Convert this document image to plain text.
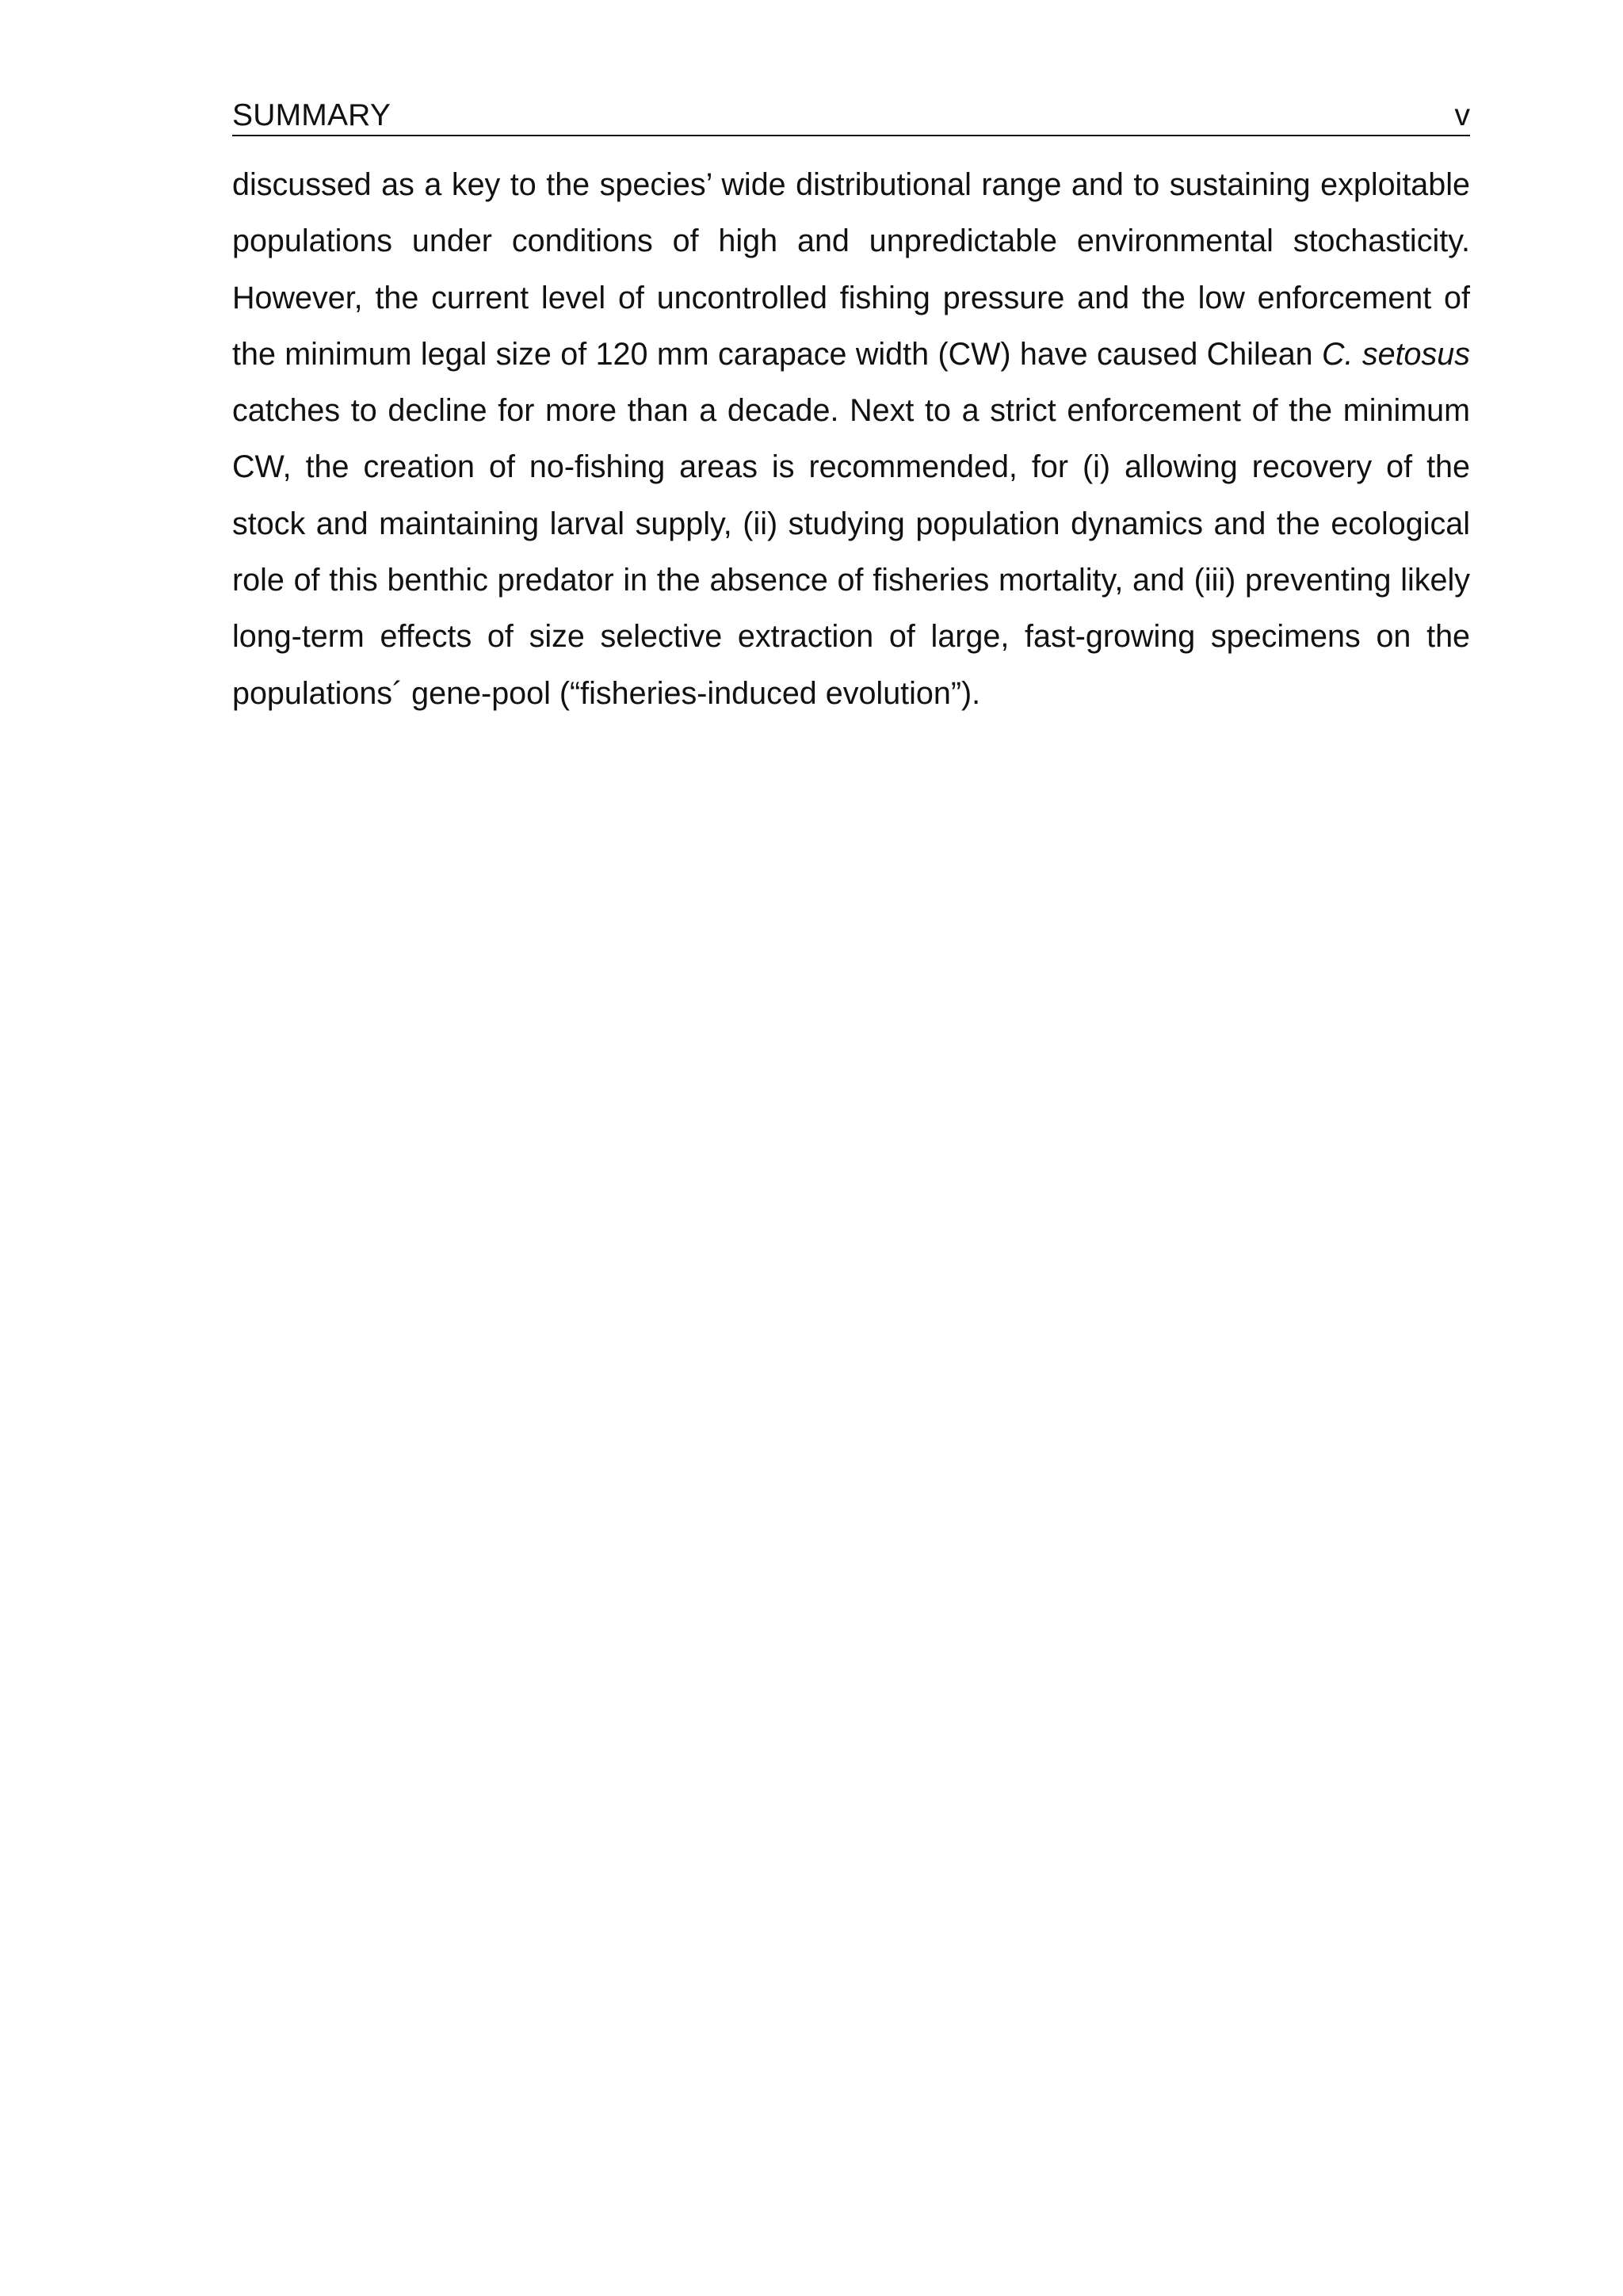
SUMMARY	v

discussed as a key to the species’ wide distributional range and to sustaining exploitable populations under conditions of high and unpredictable environmental stochasticity. However, the current level of uncontrolled fishing pressure and the low enforcement of the minimum legal size of 120 mm carapace width (CW) have caused Chilean C. setosus catches to decline for more than a decade. Next to a strict enforcement of the minimum CW, the creation of no-fishing areas is recommended, for (i) allowing recovery of the stock and maintaining larval supply, (ii) studying population dynamics and the ecological role of this benthic predator in the absence of fisheries mortality, and (iii) preventing likely long-term effects of size selective extraction of large, fast-growing specimens on the populations´ gene-pool (“fisheries-induced evolution”).
